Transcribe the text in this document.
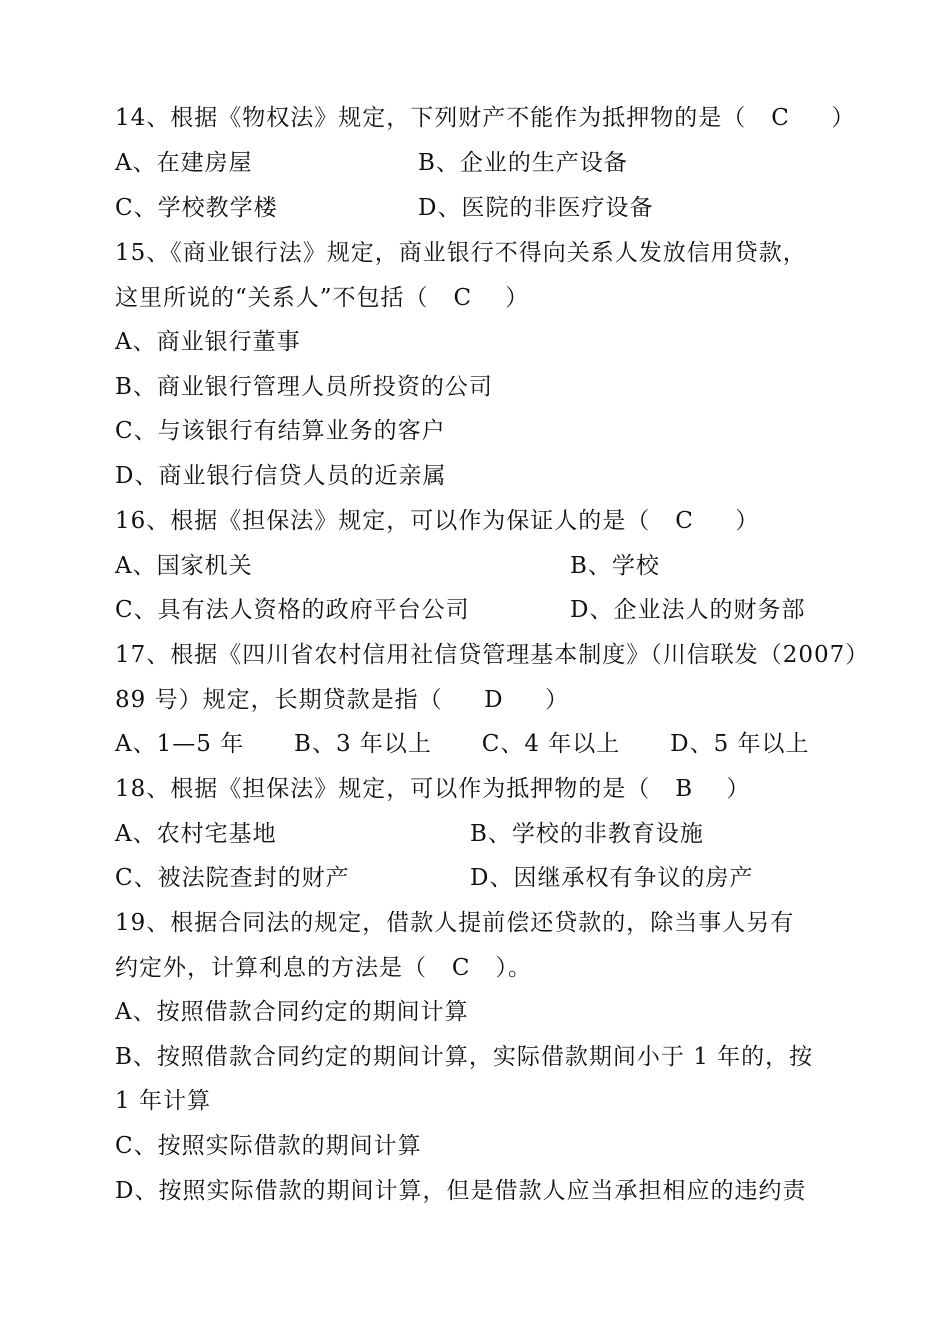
14、根据《物权法》规定，下列财产不能作为抵押物的是（   C     ）
A、在建房屋	B、企业的生产设备
C、学校教学楼	D、医院的非医疗设备
15、《商业银行法》规定，商业银行不得向关系人发放信用贷款，
这里所说的“关系人”不包括（   C    ）
A、商业银行董事
B、商业银行管理人员所投资的公司
C、与该银行有结算业务的客户
D、商业银行信贷人员的近亲属
16、根据《担保法》规定，可以作为保证人的是（   C     ）
A、国家机关	B、学校
C、具有法人资格的政府平台公司	D、企业法人的财务部
17、根据《四川省农村信用社信贷管理基本制度》（川信联发（2007）
89 号）规定，长期贷款是指（     D     ）
A、1—5 年      B、3 年以上      C、4 年以上      D、5 年以上
18、根据《担保法》规定，可以作为抵押物的是（   B    ）
A、农村宅基地	B、学校的非教育设施
C、被法院查封的财产	D、因继承权有争议的房产
19、根据合同法的规定，借款人提前偿还贷款的，除当事人另有
约定外，计算利息的方法是（   C   ）。
A、按照借款合同约定的期间计算
B、按照借款合同约定的期间计算，实际借款期间小于 1 年的，按
1 年计算
C、按照实际借款的期间计算
D、按照实际借款的期间计算，但是借款人应当承担相应的违约责
